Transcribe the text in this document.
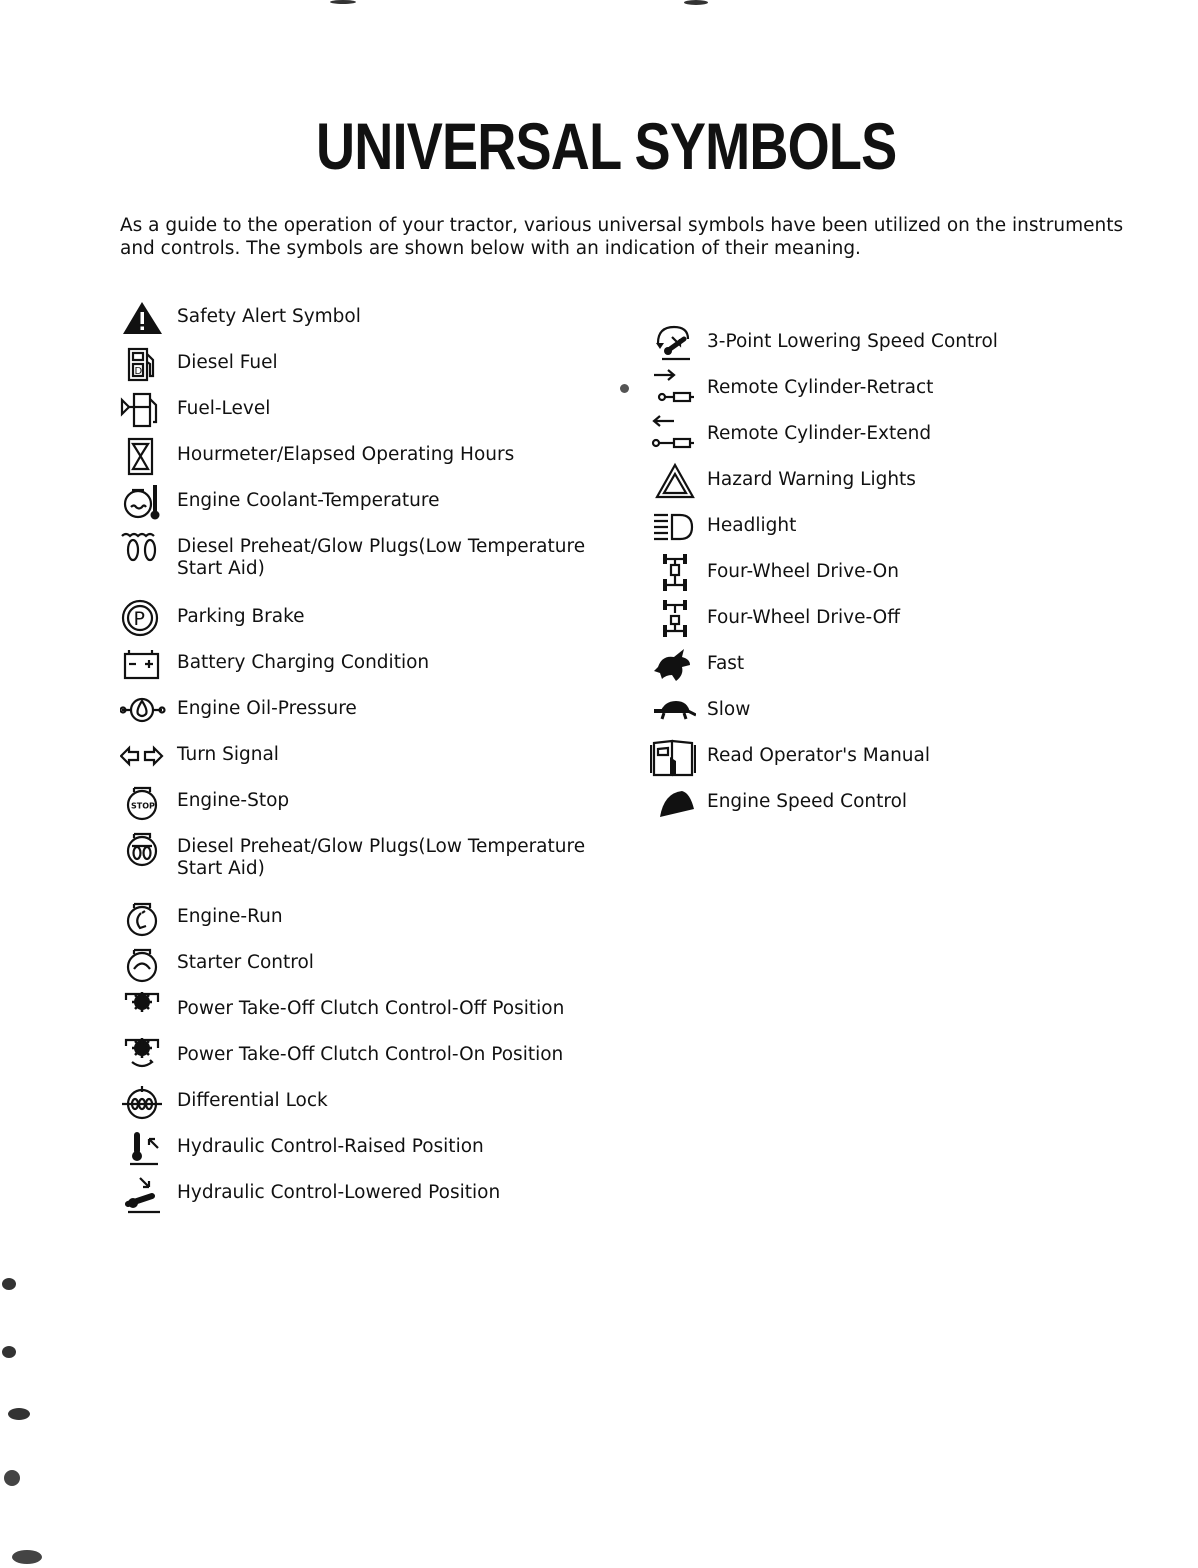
UNIVERSAL SYMBOLS
As a guide to the operation of your tractor, various universal symbols have been utilized on the instruments and controls. The symbols are shown below with an indication of their meaning.
Safety Alert Symbol
D Diesel Fuel
Fuel-Level
Hourmeter/Elapsed Operating Hours
Engine Coolant-Temperature
Diesel Preheat/Glow Plugs(Low Temperature Start Aid)
P Parking Brake
Battery Charging Condition
Engine Oil-Pressure
Turn Signal
STOP Engine-Stop
Diesel Preheat/Glow Plugs(Low Temperature Start Aid)
Engine-Run
Starter Control
Power Take-Off Clutch Control-Off Position
Power Take-Off Clutch Control-On Position
Differential Lock
Hydraulic Control-Raised Position
Hydraulic Control-Lowered Position
3-Point Lowering Speed Control
Remote Cylinder-Retract
Remote Cylinder-Extend
Hazard Warning Lights
Headlight
Four-Wheel Drive-On
Four-Wheel Drive-Off
Fast
Slow
Read Operator's Manual
Engine Speed Control
